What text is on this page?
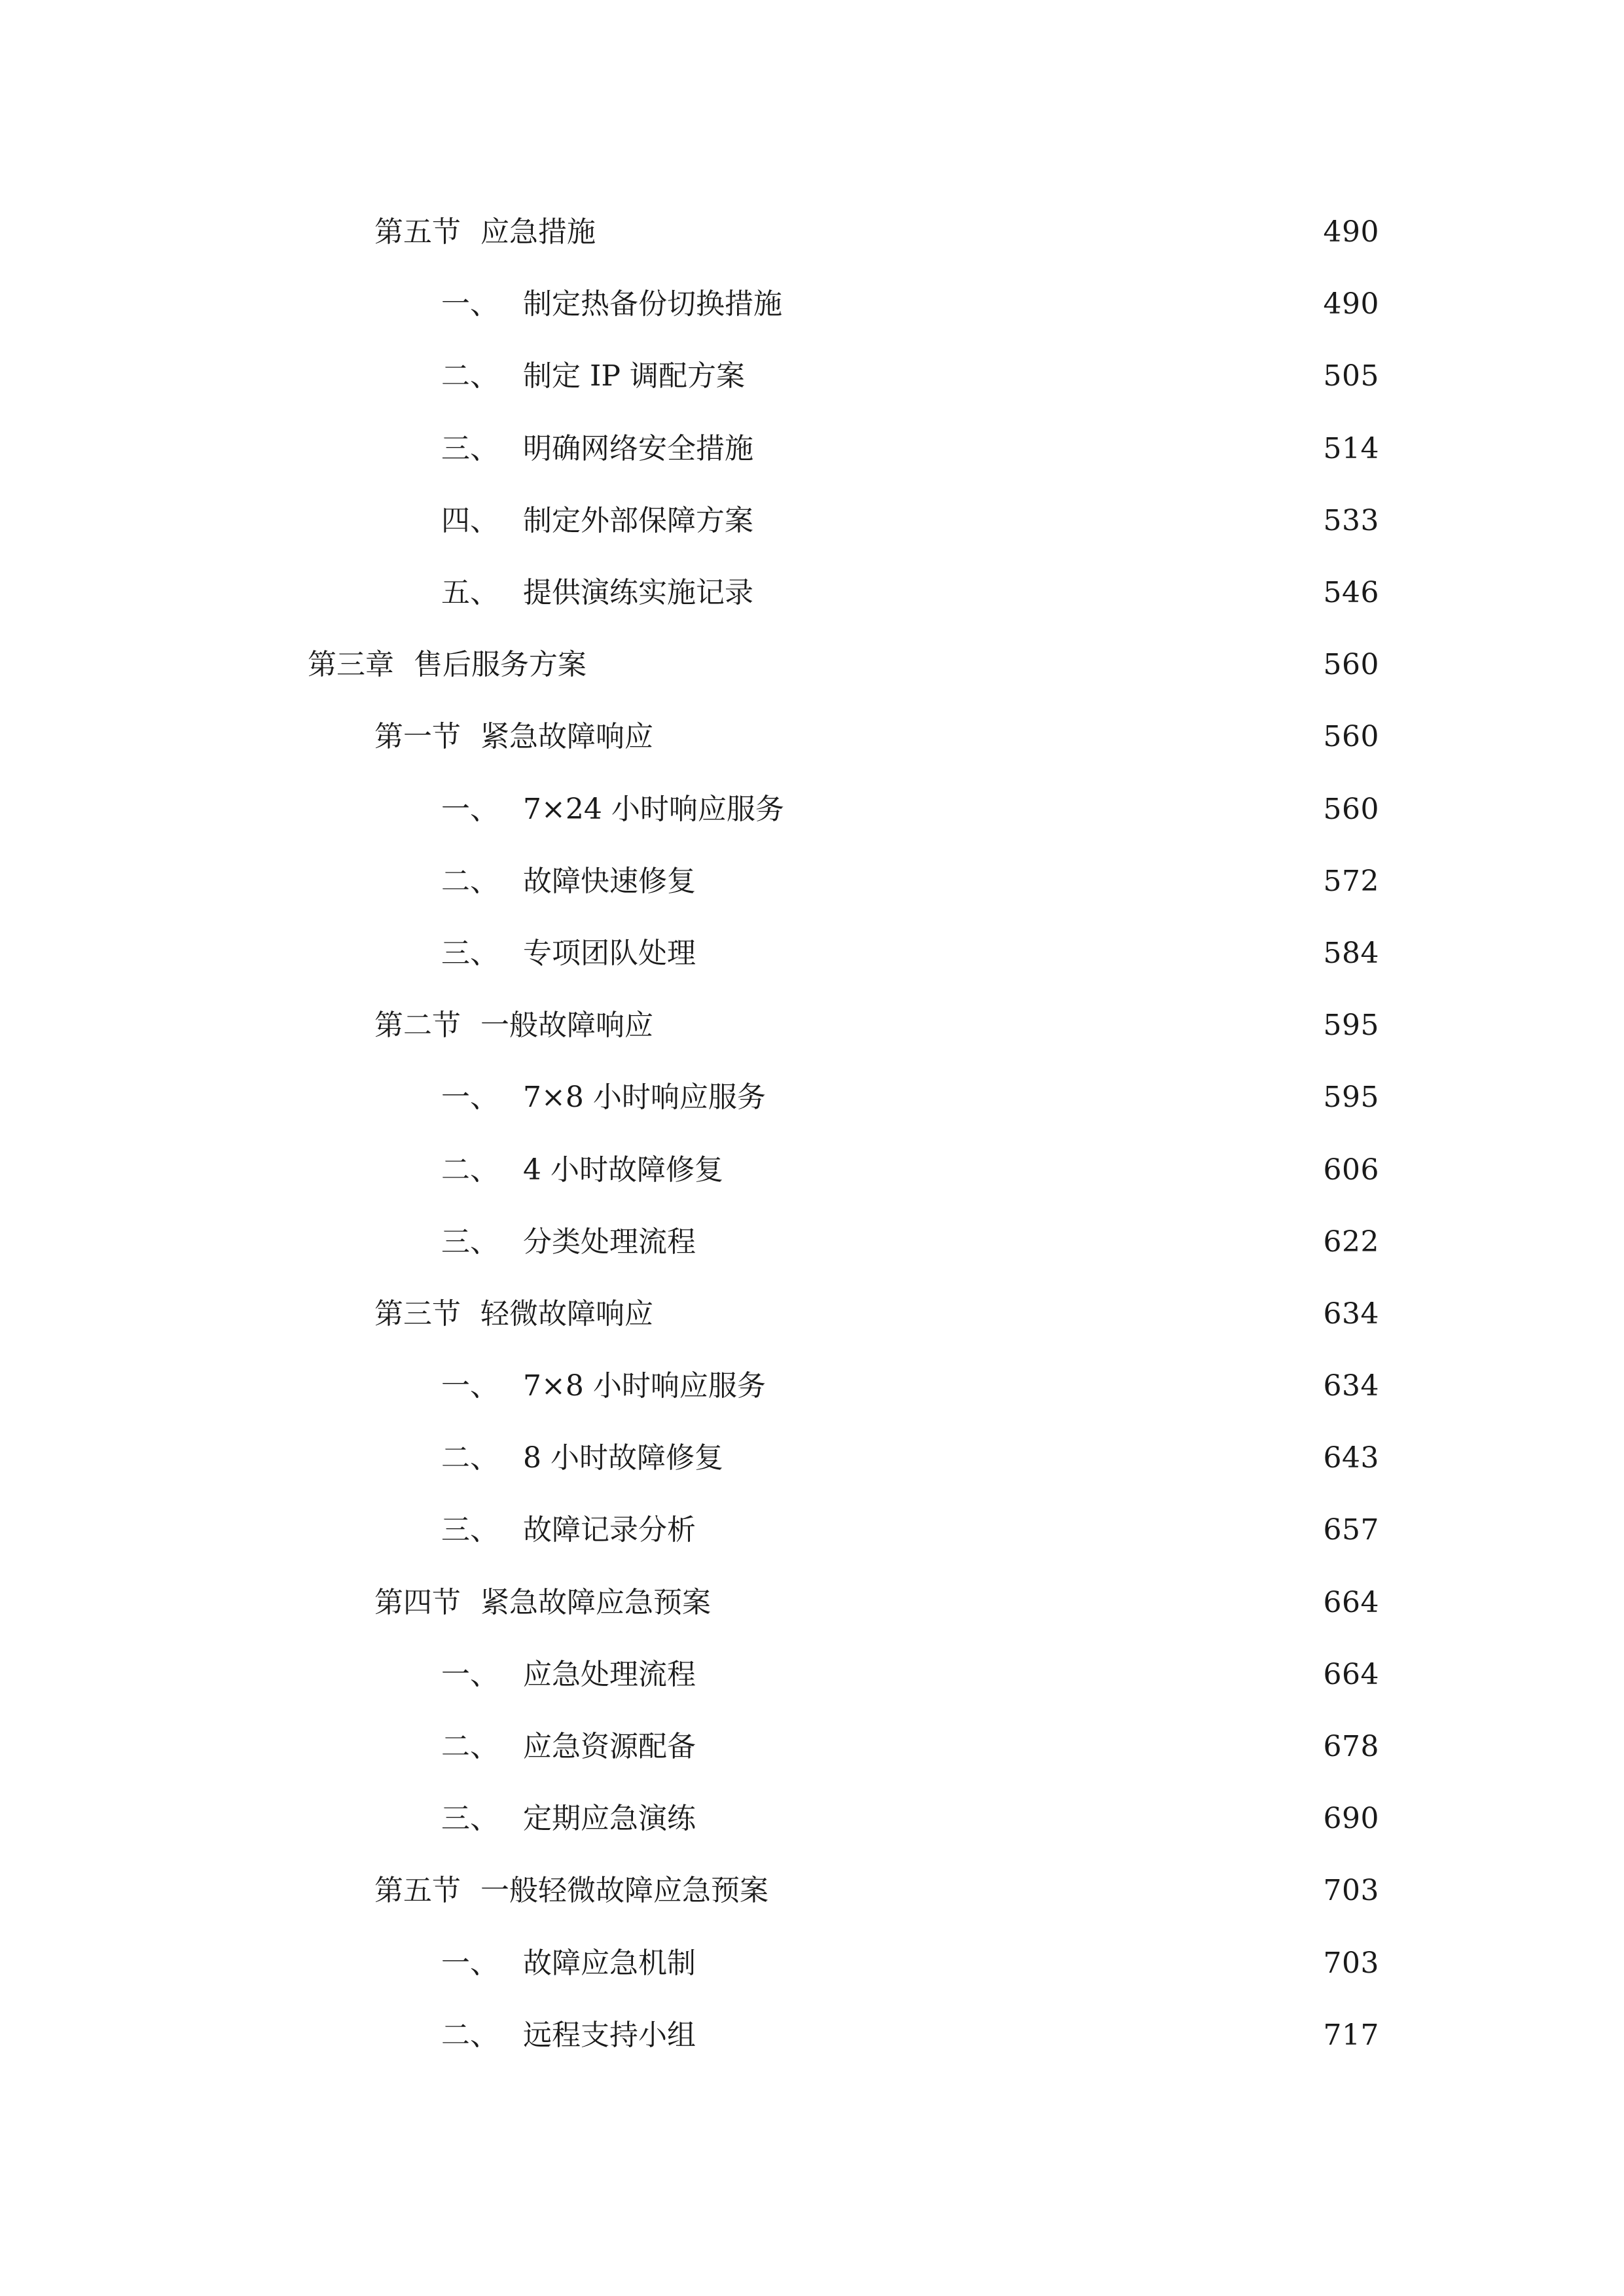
第五节 应急措施	490
一、 制定热备份切换措施	490
二、 制定 IP 调配方案	505
三、 明确网络安全措施	514
四、 制定外部保障方案	533
五、 提供演练实施记录	546
第三章 售后服务方案	560
第一节 紧急故障响应	560
一、 7×24 小时响应服务	560
二、 故障快速修复	572
三、 专项团队处理	584
第二节 一般故障响应	595
一、 7×8 小时响应服务	595
二、 4 小时故障修复	606
三、 分类处理流程	622
第三节 轻微故障响应	634
一、 7×8 小时响应服务	634
二、 8 小时故障修复	643
三、 故障记录分析	657
第四节 紧急故障应急预案	664
一、 应急处理流程	664
二、 应急资源配备	678
三、 定期应急演练	690
第五节 一般轻微故障应急预案	703
一、 故障应急机制	703
二、 远程支持小组	717
